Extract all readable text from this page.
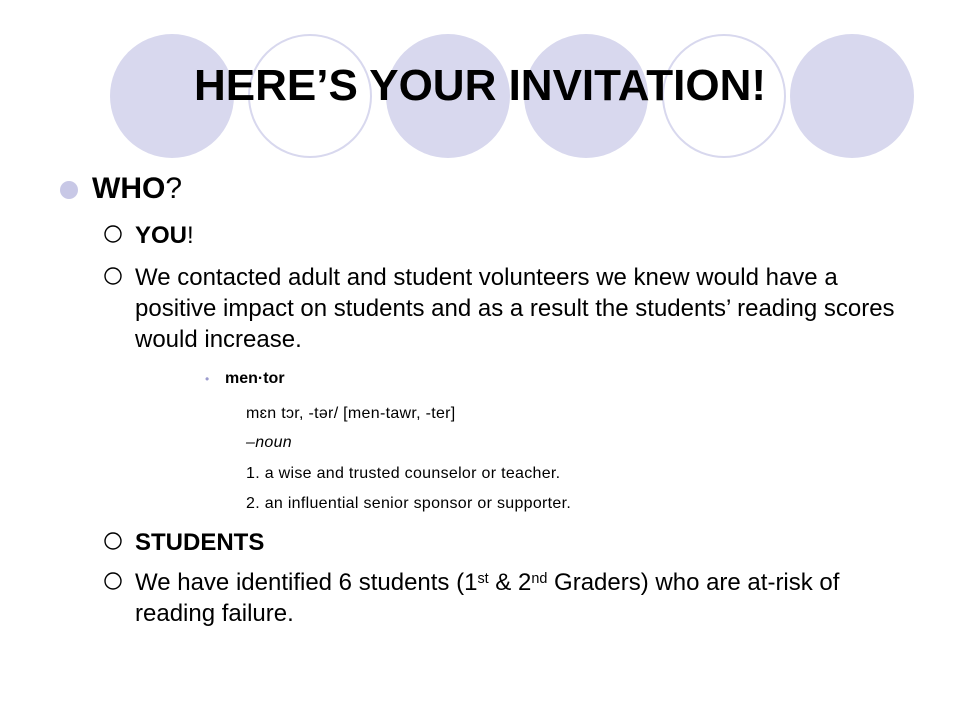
HERE’S YOUR INVITATION!
WHO?
YOU!
We contacted adult and student volunteers we knew would have a positive impact on students and as a result the students’ reading scores would increase.
• men·tor
mɛn tɔr, -tər/ [men-tawr, -ter]
–noun
1. a wise and trusted counselor or teacher.
2. an influential senior sponsor or supporter.
STUDENTS
We have identified 6 students (1st & 2nd Graders) who are at-risk of reading failure.
